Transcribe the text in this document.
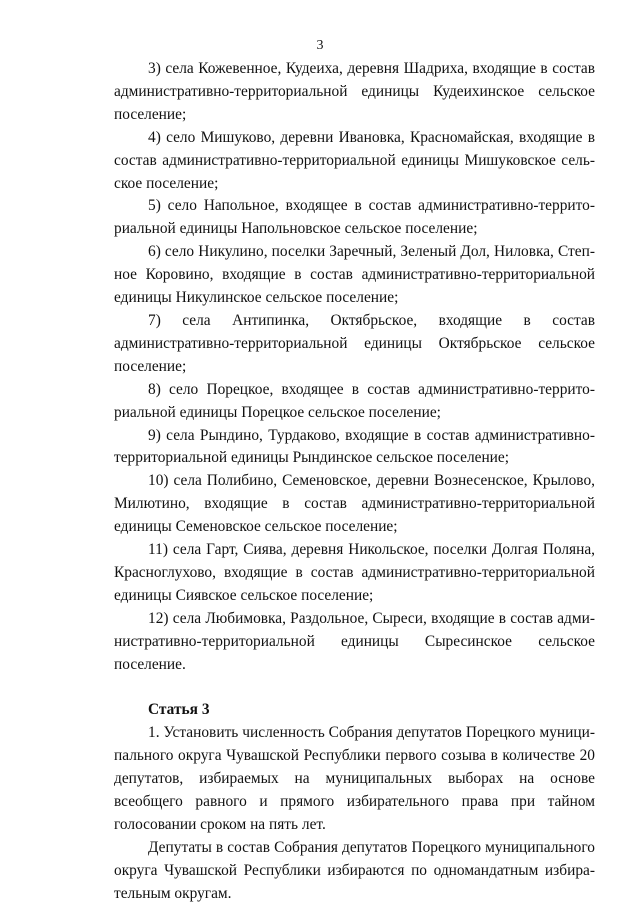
3

3) села Кожевенное, Кудеиха, деревня Шадриха, входящие в состав административно-территориальной единицы Кудеихинское сельское поселение;

4) село Мишуково, деревни Ивановка, Красномайская, входящие в состав административно-территориальной единицы Мишуковское сельское поселение;

5) село Напольное, входящее в состав административно-территориальной единицы Напольновское сельское поселение;

6) село Никулино, поселки Заречный, Зеленый Дол, Ниловка, Степное Коровино, входящие в состав административно-территориальной единицы Никулинское сельское поселение;

7) села Антипинка, Октябрьское, входящие в состав административно-территориальной единицы Октябрьское сельское поселение;

8) село Порецкое, входящее в состав административно-территориальной единицы Порецкое сельское поселение;

9) села Рындино, Турдаково, входящие в состав административно-территориальной единицы Рындинское сельское поселение;

10) села Полибино, Семеновское, деревни Вознесенское, Крылово, Милютино, входящие в состав административно-территориальной единицы Семеновское сельское поселение;

11) села Гарт, Сиява, деревня Никольское, поселки Долгая Поляна, Красноглухово, входящие в состав административно-территориальной единицы Сиявское сельское поселение;

12) села Любимовка, Раздольное, Сыреси, входящие в состав административно-территориальной единицы Сыресинское сельское поселение.

Статья 3

1. Установить численность Собрания депутатов Порецкого муниципального округа Чувашской Республики первого созыва в количестве 20 депутатов, избираемых на муниципальных выборах на основе всеобщего равного и прямого избирательного права при тайном голосовании сроком на пять лет.

Депутаты в состав Собрания депутатов Порецкого муниципального округа Чувашской Республики избираются по одномандатным избирательным округам.
